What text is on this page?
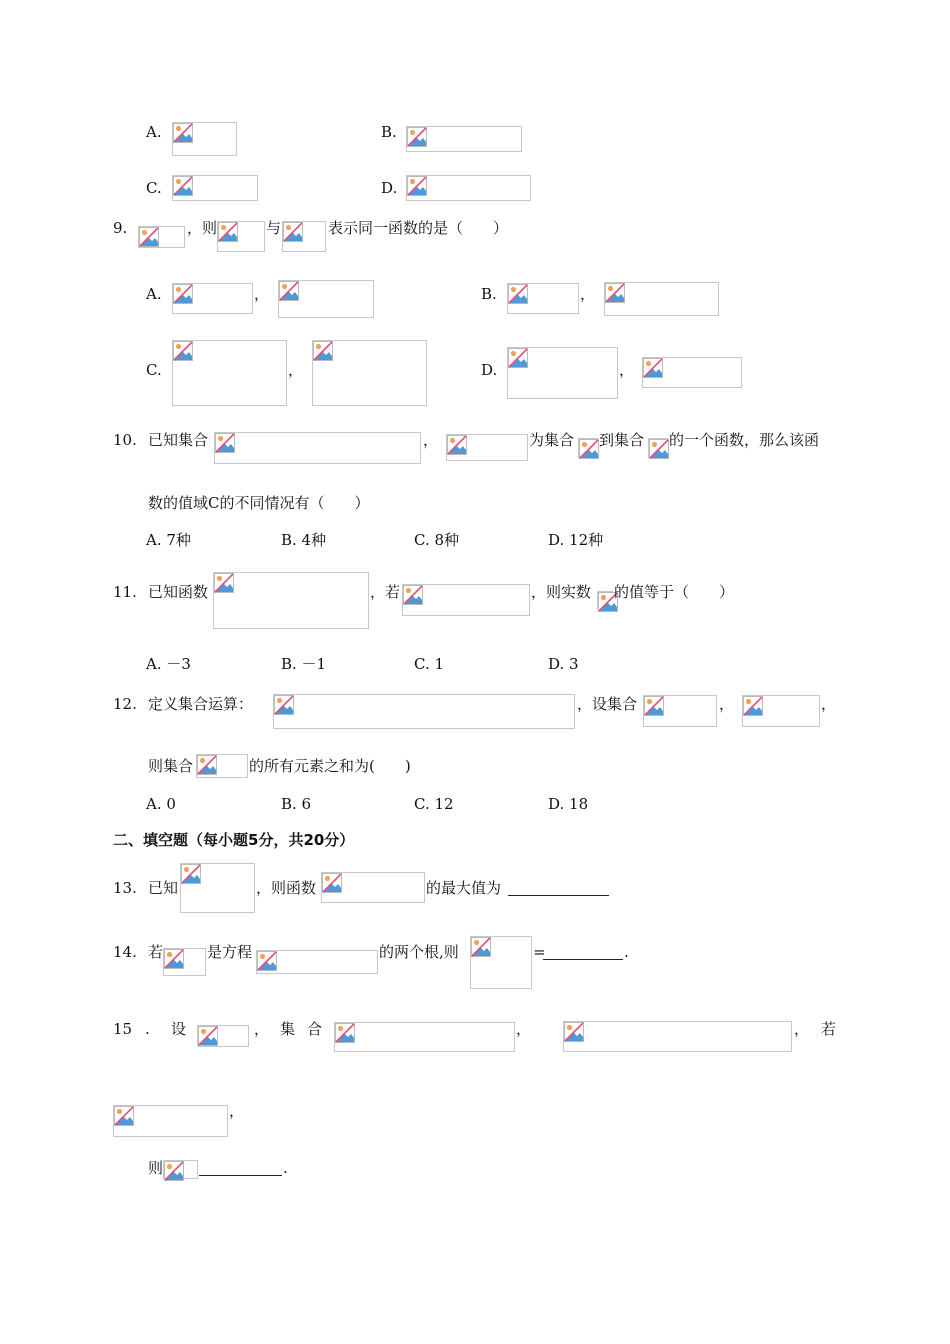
A.	B.
C.	D.
9.	，则	与	表示同一函数的是（　　）
A.	，	B.	，
C.	，	D.	，
10. 已知集合	，	为集合 到集合 的一个函数，那么该函
数的值域C的不同情况有（　　）
A. 7种	B. 4种	C. 8种	D. 12种
11. 已知函数	，若	，则实数 的值等于（　　）
A. －3	B. －1	C. 1	D. 3
12. 定义集合运算：	，设集合	，	，
则集合	的所有元素之和为(　　)
A. 0	B. 6	C. 12	D. 18
二、填空题（每小题5分，共20分）
13. 已知	，则函数	的最大值为
14. 若	是方程	的两个根,则	=	.
15 . 设	， 集 合	，	， 若
，
则	.
